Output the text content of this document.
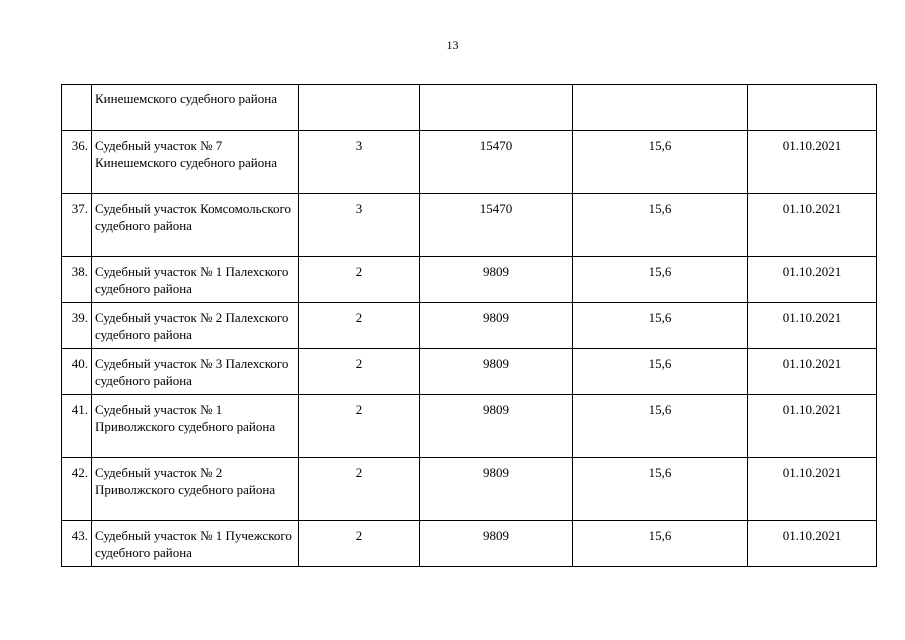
13
	Кинешемского судебного района				
36.	Судебный участок № 7 Кинешемского судебного района	3	15470	15,6	01.10.2021
37.	Судебный участок Комсомольского судебного района	3	15470	15,6	01.10.2021
38.	Судебный участок № 1 Палехского судебного района	2	9809	15,6	01.10.2021
39.	Судебный участок № 2 Палехского судебного района	2	9809	15,6	01.10.2021
40.	Судебный участок № 3 Палехского судебного района	2	9809	15,6	01.10.2021
41.	Судебный участок № 1 Приволжского судебного района	2	9809	15,6	01.10.2021
42.	Судебный участок № 2 Приволжского судебного района	2	9809	15,6	01.10.2021
43.	Судебный участок № 1 Пучежского судебного района	2	9809	15,6	01.10.2021
